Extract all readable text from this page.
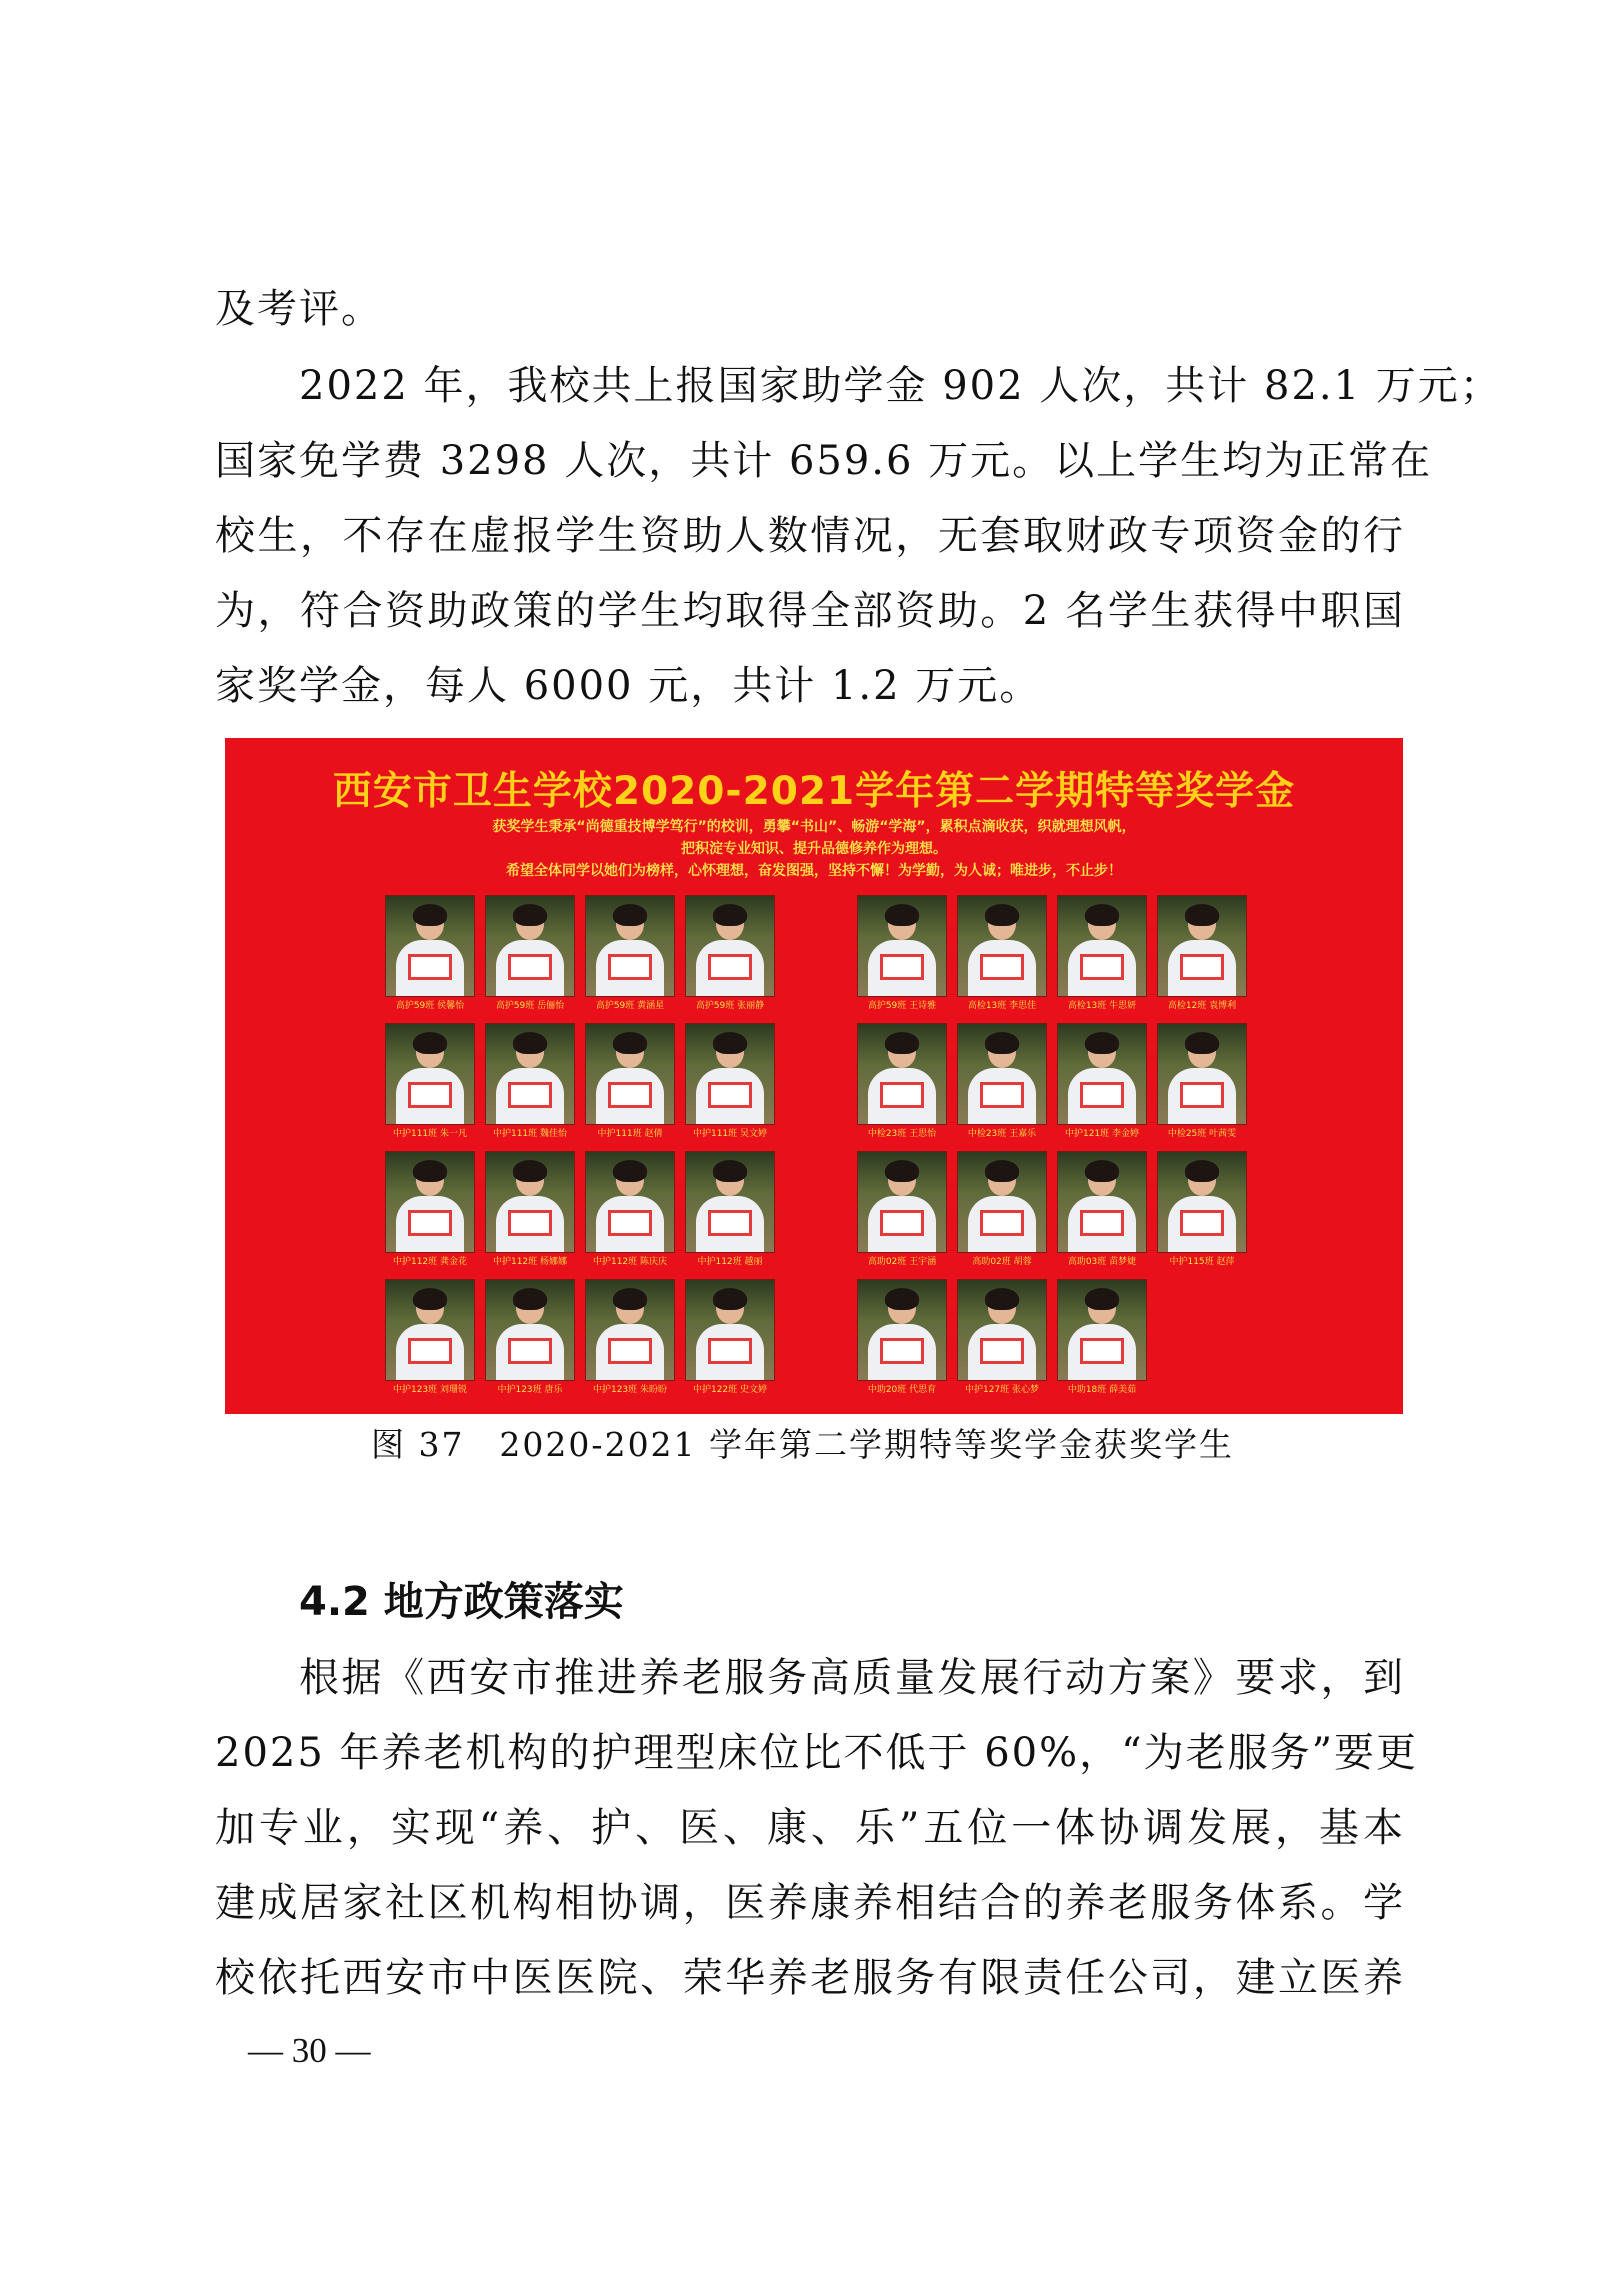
及考评。

2022 年，我校共上报国家助学金 902 人次，共计 82.1 万元；
国家免学费 3298 人次，共计 659.6 万元。以上学生均为正常在
校生，不存在虚报学生资助人数情况，无套取财政专项资金的行
为，符合资助政策的学生均取得全部资助。2 名学生获得中职国
家奖学金，每人 6000 元，共计 1.2 万元。

西安市卫生学校2020-2021学年第二学期特等奖学金
获奖学生秉承“尚德重技博学笃行”的校训，勇攀“书山”、畅游“学海”，累积点滴收获，织就理想风帆，
把积淀专业知识、提升品德修养作为理想。
希望全体同学以她们为榜样，心怀理想，奋发图强，坚持不懈！为学勤，为人诚；唯进步，不止步！
高护59班 侯馨怡	高护59班 岳俪怡	高护59班 黄涵星	高护59班 张丽静
中护111班 朱一凡	中护111班 魏佳怡	中护111班 赵倩	中护111班 吴文婷
中护112班 龚金花	中护112班 杨娜娜	中护112班 陈庆庆	中护112班 越丽
中护123班 刘珊锐	中护123班 唐乐	中护123班 朱盼盼	中护122班 史文婷
高护59班 王诗雅	高检13班 李思佳	高检13班 牛思妍	高检12班 袁博利
中检23班 王思怡	中检23班 王嘉乐	中护121班 李金婷	中检25班 叶茜雯
高助02班 王宇涵	高助02班 胡蓉	高助03班 苗梦婕	中护115班 赵萍
中助20班 代思育	中护127班 张心梦	中助18班 薛美茹

图 37　2020-2021 学年第二学期特等奖学金获奖学生

4.2 地方政策落实

根据《西安市推进养老服务高质量发展行动方案》要求，到
2025 年养老机构的护理型床位比不低于 60%，“为老服务”要更
加专业，实现“养、护、医、康、乐”五位一体协调发展，基本
建成居家社区机构相协调，医养康养相结合的养老服务体系。学
校依托西安市中医医院、荣华养老服务有限责任公司，建立医养

— 30 —
